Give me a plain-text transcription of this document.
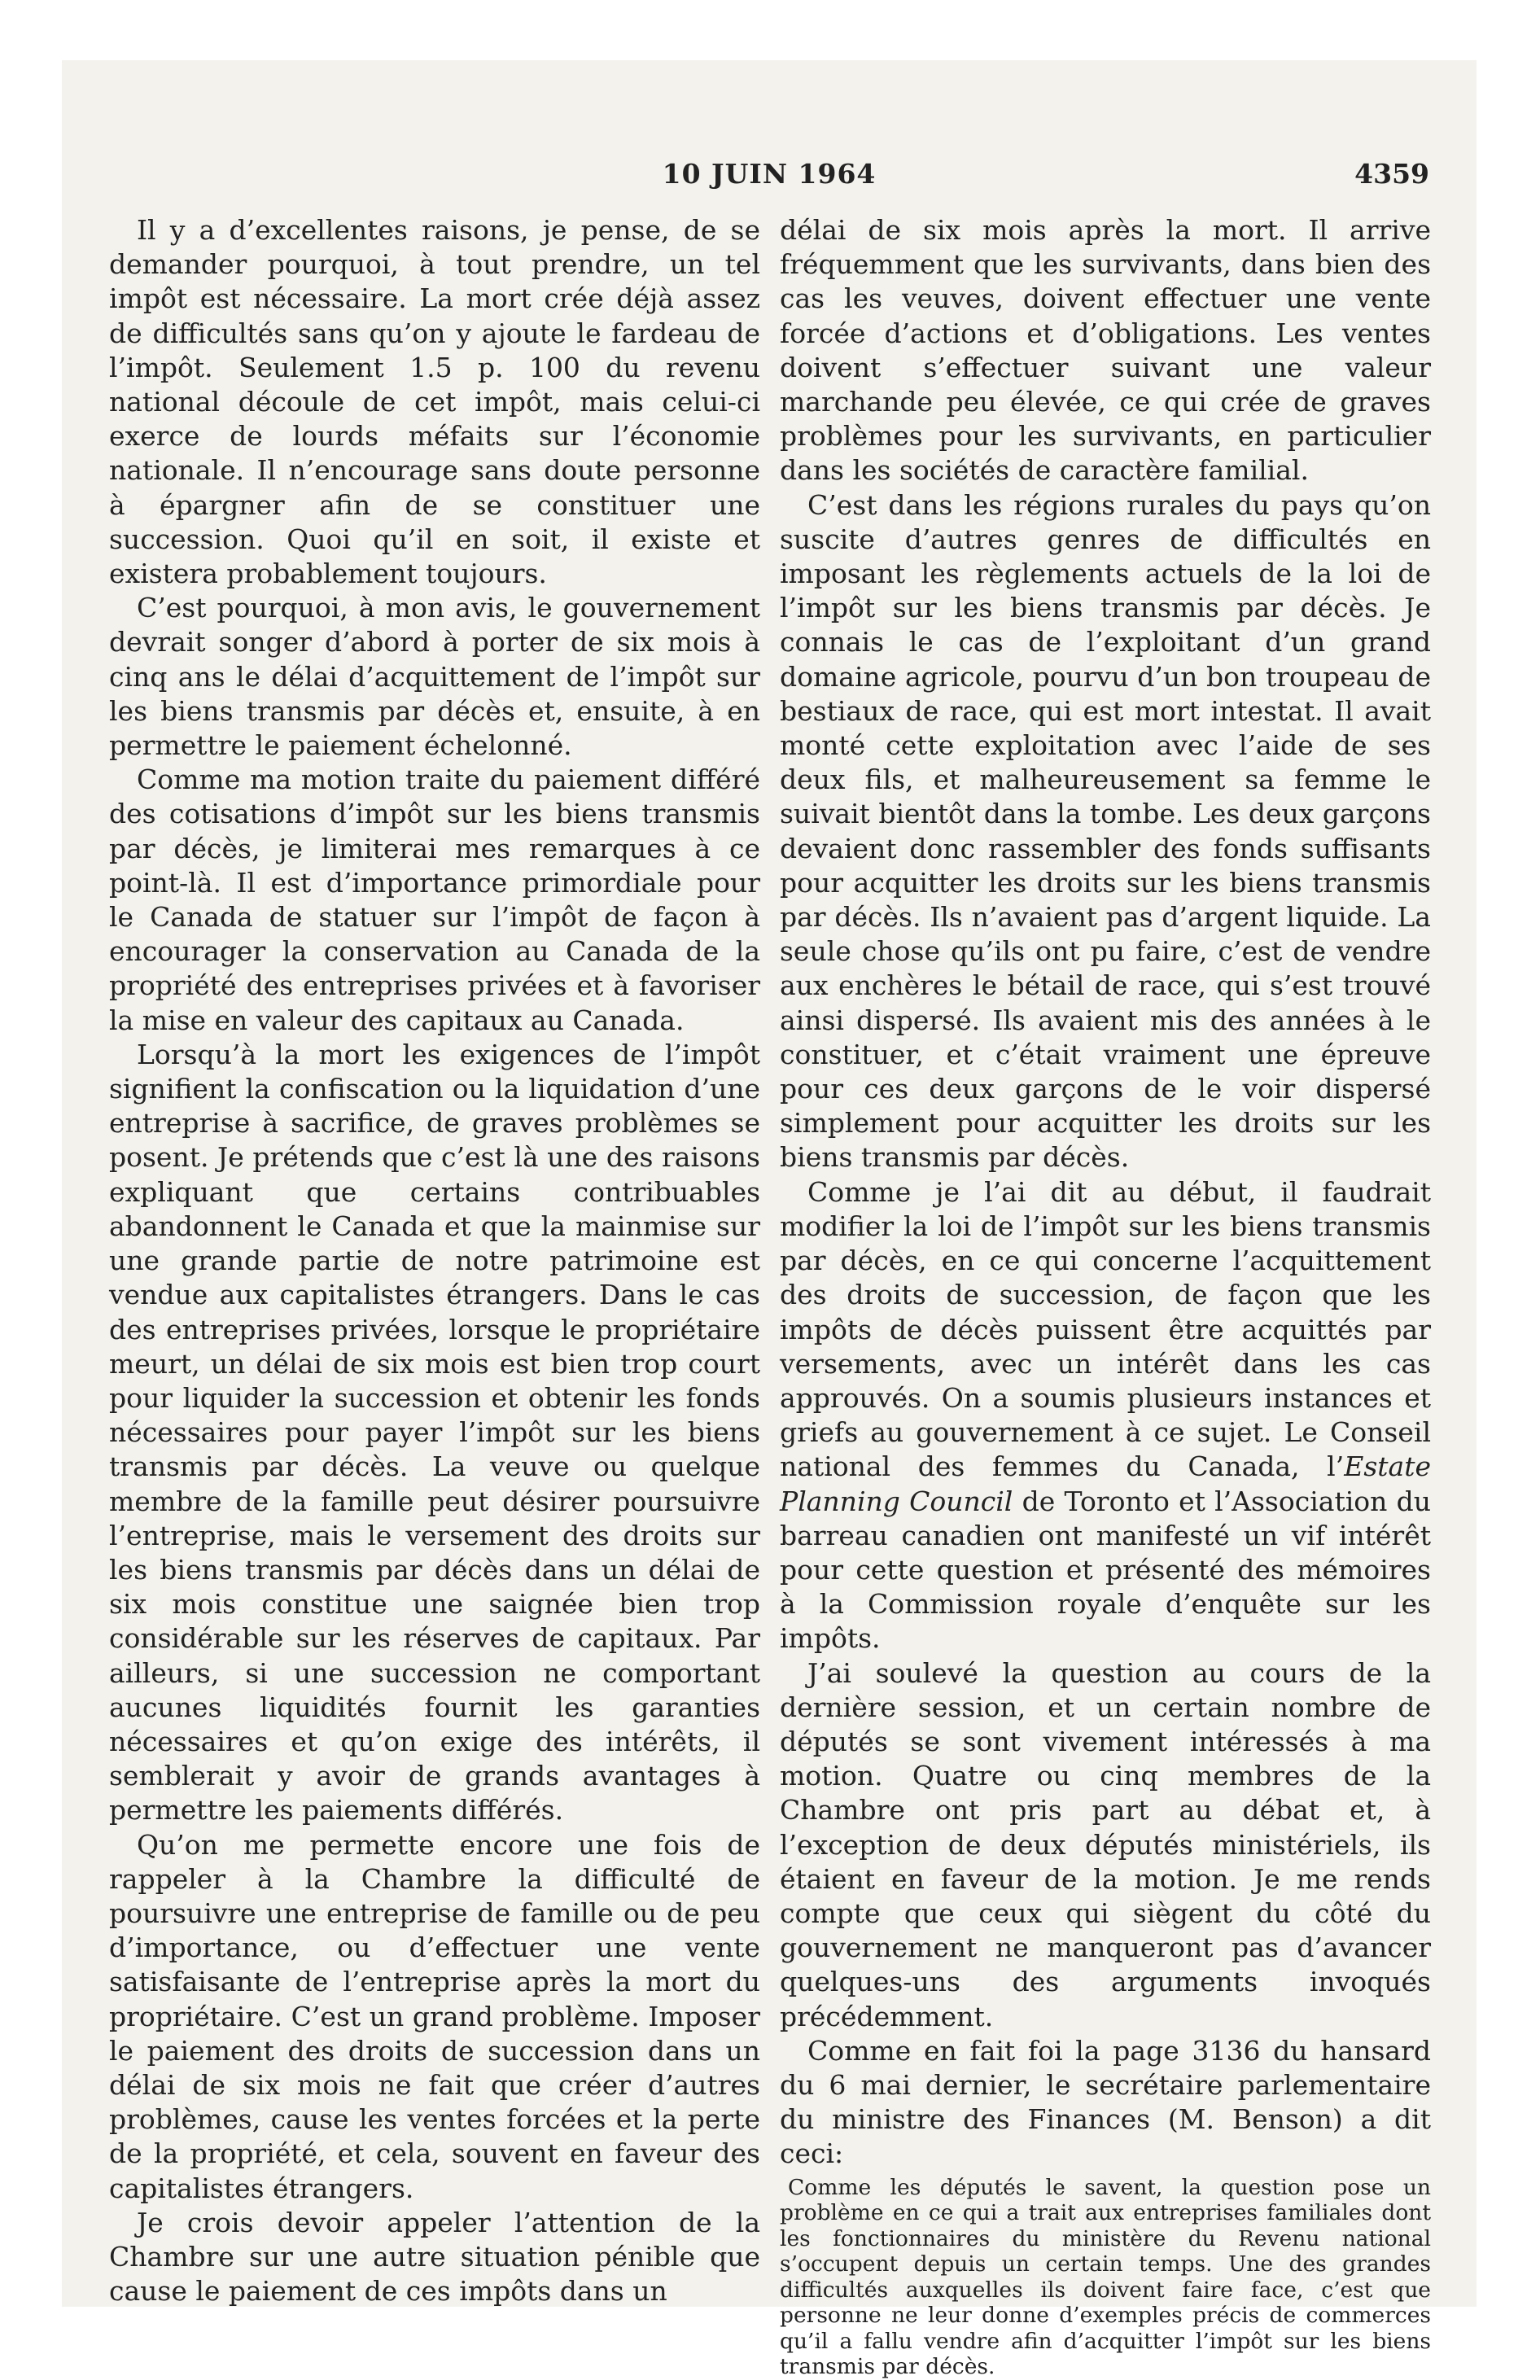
10 JUIN 1964	4359

Il y a d’excellentes raisons, je pense, de se demander pourquoi, à tout prendre, un tel impôt est nécessaire. La mort crée déjà assez de difficultés sans qu’on y ajoute le fardeau de l’impôt. Seulement 1.5 p. 100 du revenu national découle de cet impôt, mais celui-ci exerce de lourds méfaits sur l’économie nationale. Il n’encourage sans doute personne à épargner afin de se constituer une succession. Quoi qu’il en soit, il existe et existera probablement toujours.

C’est pourquoi, à mon avis, le gouvernement devrait songer d’abord à porter de six mois à cinq ans le délai d’acquittement de l’impôt sur les biens transmis par décès et, ensuite, à en permettre le paiement échelonné.

Comme ma motion traite du paiement différé des cotisations d’impôt sur les biens transmis par décès, je limiterai mes remarques à ce point-là. Il est d’importance primordiale pour le Canada de statuer sur l’impôt de façon à encourager la conservation au Canada de la propriété des entreprises privées et à favoriser la mise en valeur des capitaux au Canada.

Lorsqu’à la mort les exigences de l’impôt signifient la confiscation ou la liquidation d’une entreprise à sacrifice, de graves problèmes se posent. Je prétends que c’est là une des raisons expliquant que certains contribuables abandonnent le Canada et que la mainmise sur une grande partie de notre patrimoine est vendue aux capitalistes étrangers. Dans le cas des entreprises privées, lorsque le propriétaire meurt, un délai de six mois est bien trop court pour liquider la succession et obtenir les fonds nécessaires pour payer l’impôt sur les biens transmis par décès. La veuve ou quelque membre de la famille peut désirer poursuivre l’entreprise, mais le versement des droits sur les biens transmis par décès dans un délai de six mois constitue une saignée bien trop considérable sur les réserves de capitaux. Par ailleurs, si une succession ne comportant aucunes liquidités fournit les garanties nécessaires et qu’on exige des intérêts, il semblerait y avoir de grands avantages à permettre les paiements différés.

Qu’on me permette encore une fois de rappeler à la Chambre la difficulté de poursuivre une entreprise de famille ou de peu d’importance, ou d’effectuer une vente satisfaisante de l’entreprise après la mort du propriétaire. C’est un grand problème. Imposer le paiement des droits de succession dans un délai de six mois ne fait que créer d’autres problèmes, cause les ventes forcées et la perte de la propriété, et cela, souvent en faveur des capitalistes étrangers.

Je crois devoir appeler l’attention de la Chambre sur une autre situation pénible que cause le paiement de ces impôts dans un

délai de six mois après la mort. Il arrive fréquemment que les survivants, dans bien des cas les veuves, doivent effectuer une vente forcée d’actions et d’obligations. Les ventes doivent s’effectuer suivant une valeur marchande peu élevée, ce qui crée de graves problèmes pour les survivants, en particulier dans les sociétés de caractère familial.

C’est dans les régions rurales du pays qu’on suscite d’autres genres de difficultés en imposant les règlements actuels de la loi de l’impôt sur les biens transmis par décès. Je connais le cas de l’exploitant d’un grand domaine agricole, pourvu d’un bon troupeau de bestiaux de race, qui est mort intestat. Il avait monté cette exploitation avec l’aide de ses deux fils, et malheureusement sa femme le suivait bientôt dans la tombe. Les deux garçons devaient donc rassembler des fonds suffisants pour acquitter les droits sur les biens transmis par décès. Ils n’avaient pas d’argent liquide. La seule chose qu’ils ont pu faire, c’est de vendre aux enchères le bétail de race, qui s’est trouvé ainsi dispersé. Ils avaient mis des années à le constituer, et c’était vraiment une épreuve pour ces deux garçons de le voir dispersé simplement pour acquitter les droits sur les biens transmis par décès.

Comme je l’ai dit au début, il faudrait modifier la loi de l’impôt sur les biens transmis par décès, en ce qui concerne l’acquittement des droits de succession, de façon que les impôts de décès puissent être acquittés par versements, avec un intérêt dans les cas approuvés. On a soumis plusieurs instances et griefs au gouvernement à ce sujet. Le Conseil national des femmes du Canada, l’Estate Planning Council de Toronto et l’Association du barreau canadien ont manifesté un vif intérêt pour cette question et présenté des mémoires à la Commission royale d’enquête sur les impôts.

J’ai soulevé la question au cours de la dernière session, et un certain nombre de députés se sont vivement intéressés à ma motion. Quatre ou cinq membres de la Chambre ont pris part au débat et, à l’exception de deux députés ministériels, ils étaient en faveur de la motion. Je me rends compte que ceux qui siègent du côté du gouvernement ne manqueront pas d’avancer quelques-uns des arguments invoqués précédemment.

Comme en fait foi la page 3136 du hansard du 6 mai dernier, le secrétaire parlementaire du ministre des Finances (M. Benson) a dit ceci:

Comme les députés le savent, la question pose un problème en ce qui a trait aux entreprises familiales dont les fonctionnaires du ministère du Revenu national s’occupent depuis un certain temps. Une des grandes difficultés auxquelles ils doivent faire face, c’est que personne ne leur donne d’exemples précis de commerces qu’il a fallu vendre afin d’acquitter l’impôt sur les biens transmis par décès.
